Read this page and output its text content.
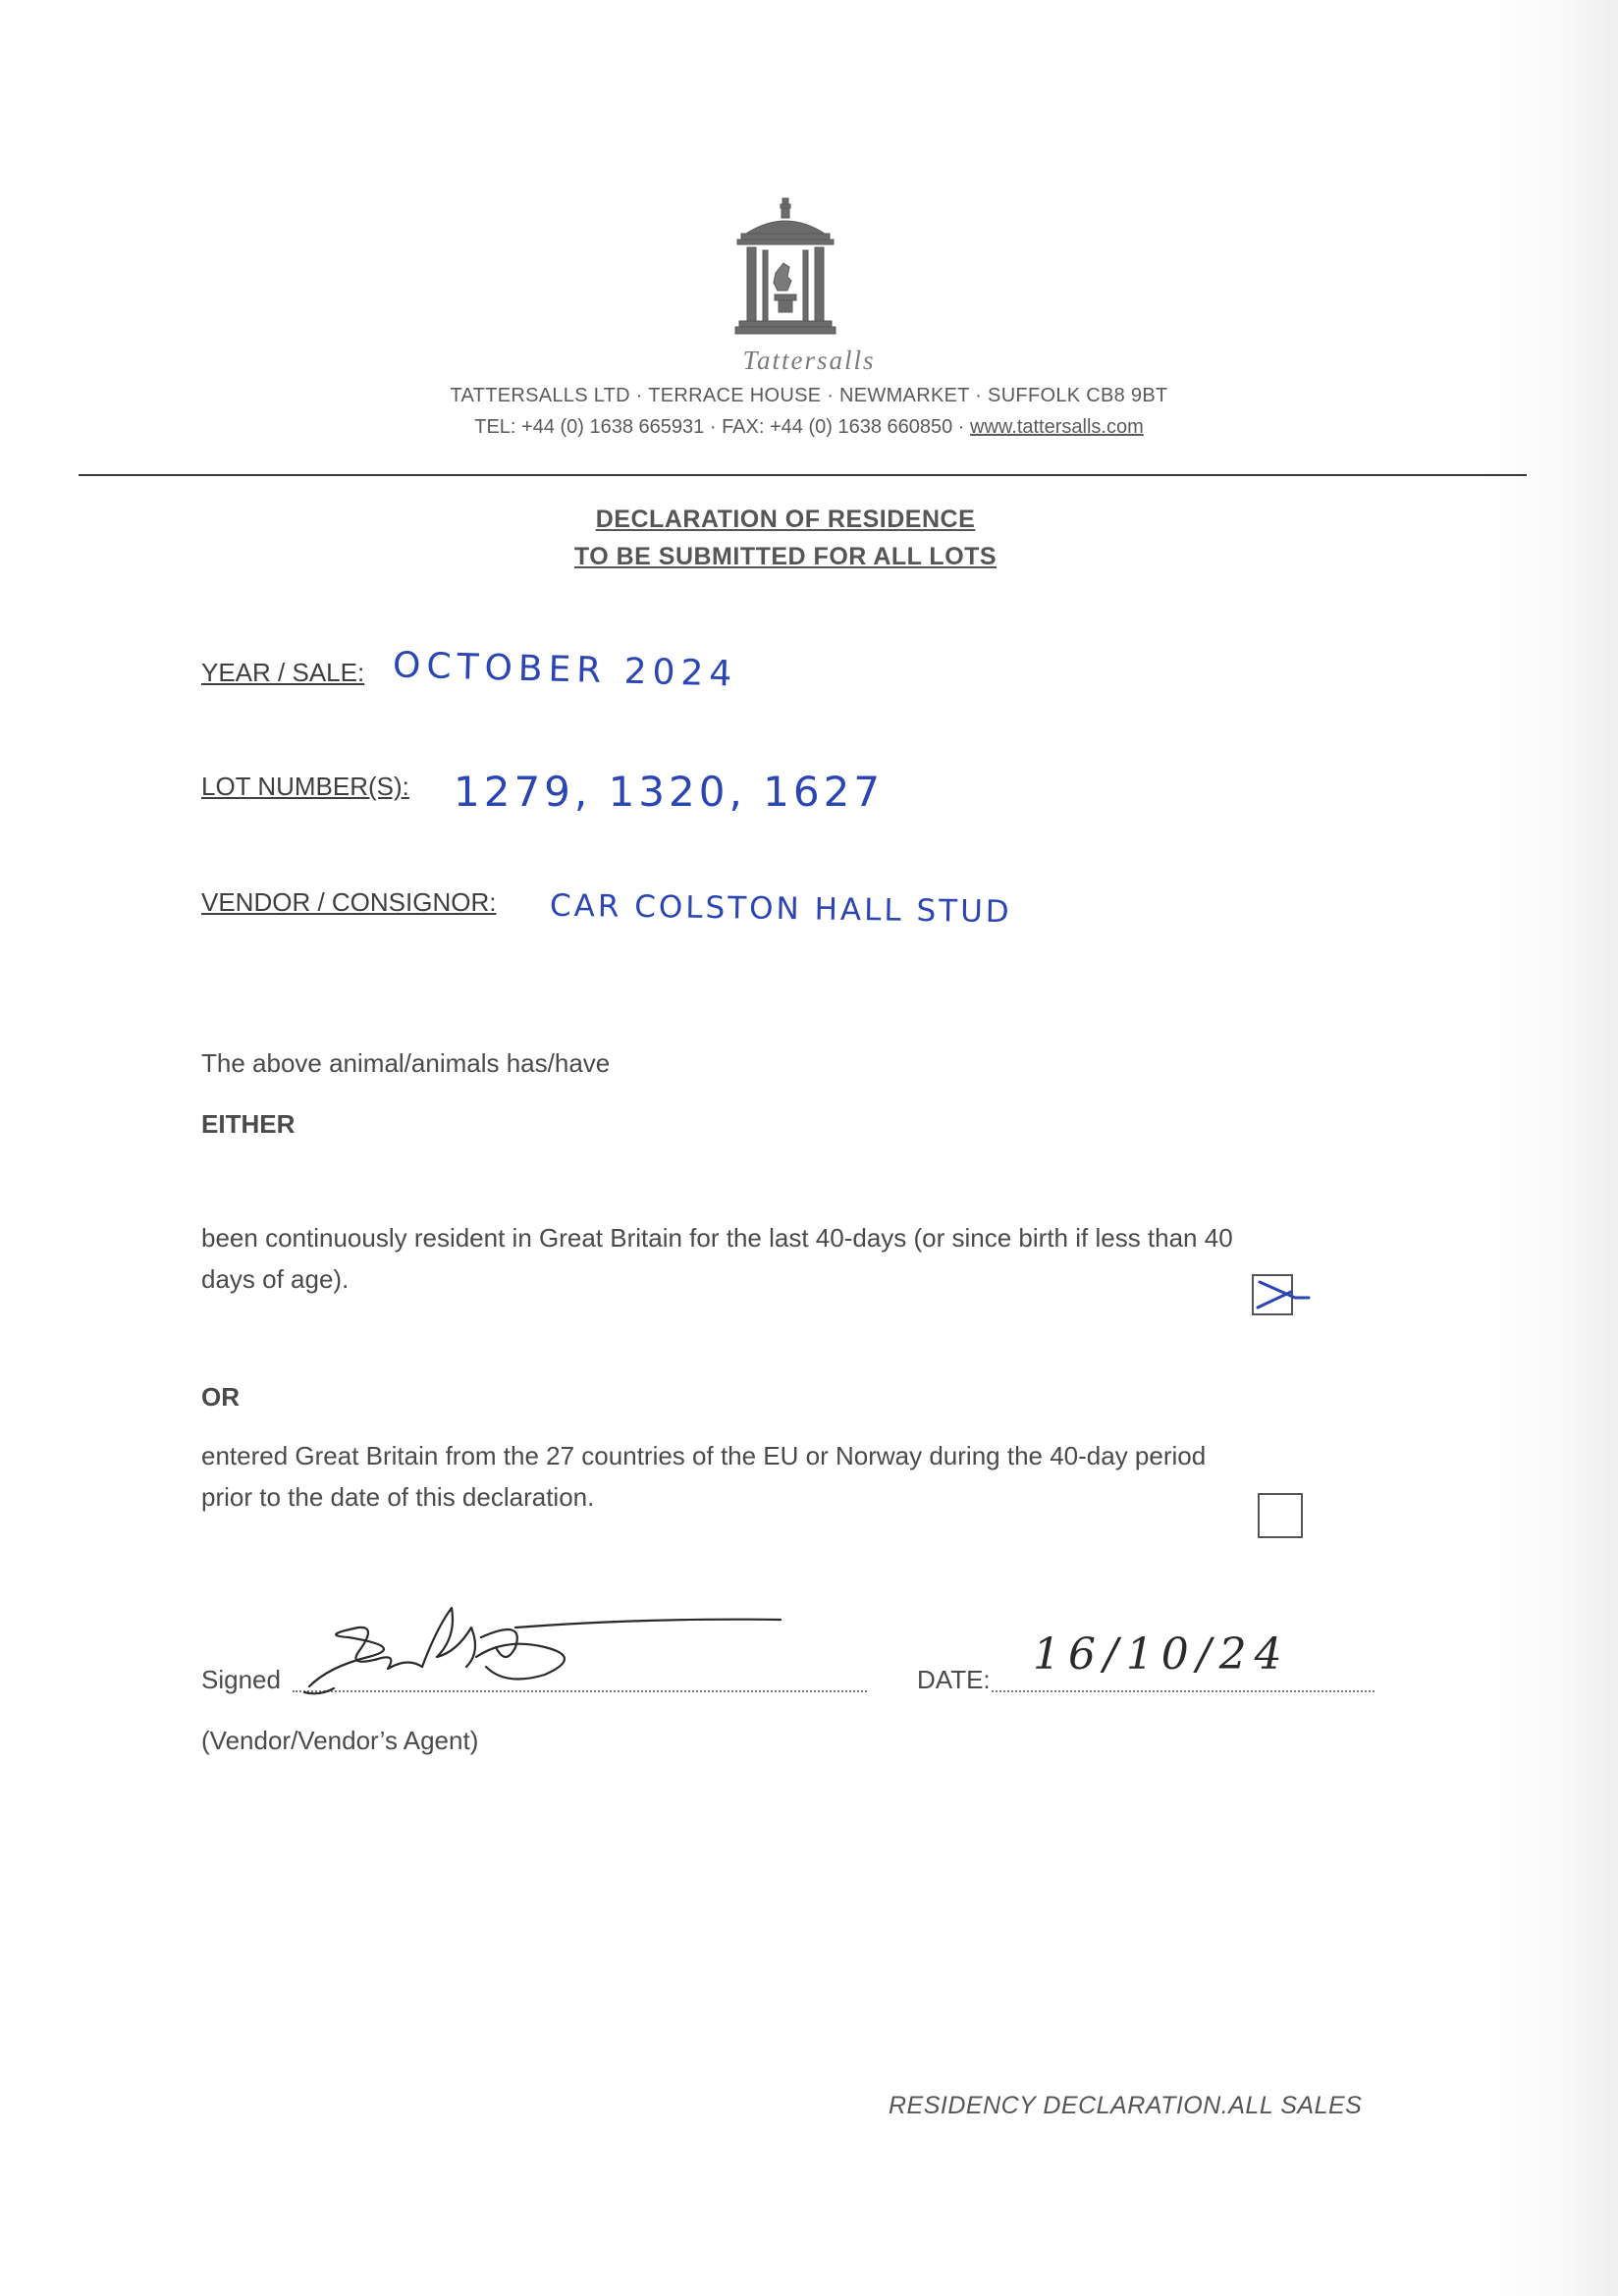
Tattersalls
TATTERSALLS LTD · TERRACE HOUSE · NEWMARKET · SUFFOLK CB8 9BT
TEL: +44 (0) 1638 665931 · FAX: +44 (0) 1638 660850 · www.tattersalls.com
DECLARATION OF RESIDENCE
TO BE SUBMITTED FOR ALL LOTS
YEAR / SALE: OCTOBER 2024
LOT NUMBER(S): 1279, 1320, 1627
VENDOR / CONSIGNOR: CAR COLSTON HALL STUD
The above animal/animals has/have
EITHER
been continuously resident in Great Britain for the last 40-days (or since birth if less than 40
days of age).
OR
entered Great Britain from the 27 countries of the EU or Norway during the 40-day period
prior to the date of this declaration.
Signed	DATE: 16/10/24
(Vendor/Vendor’s Agent)
RESIDENCY DECLARATION.ALL SALES
